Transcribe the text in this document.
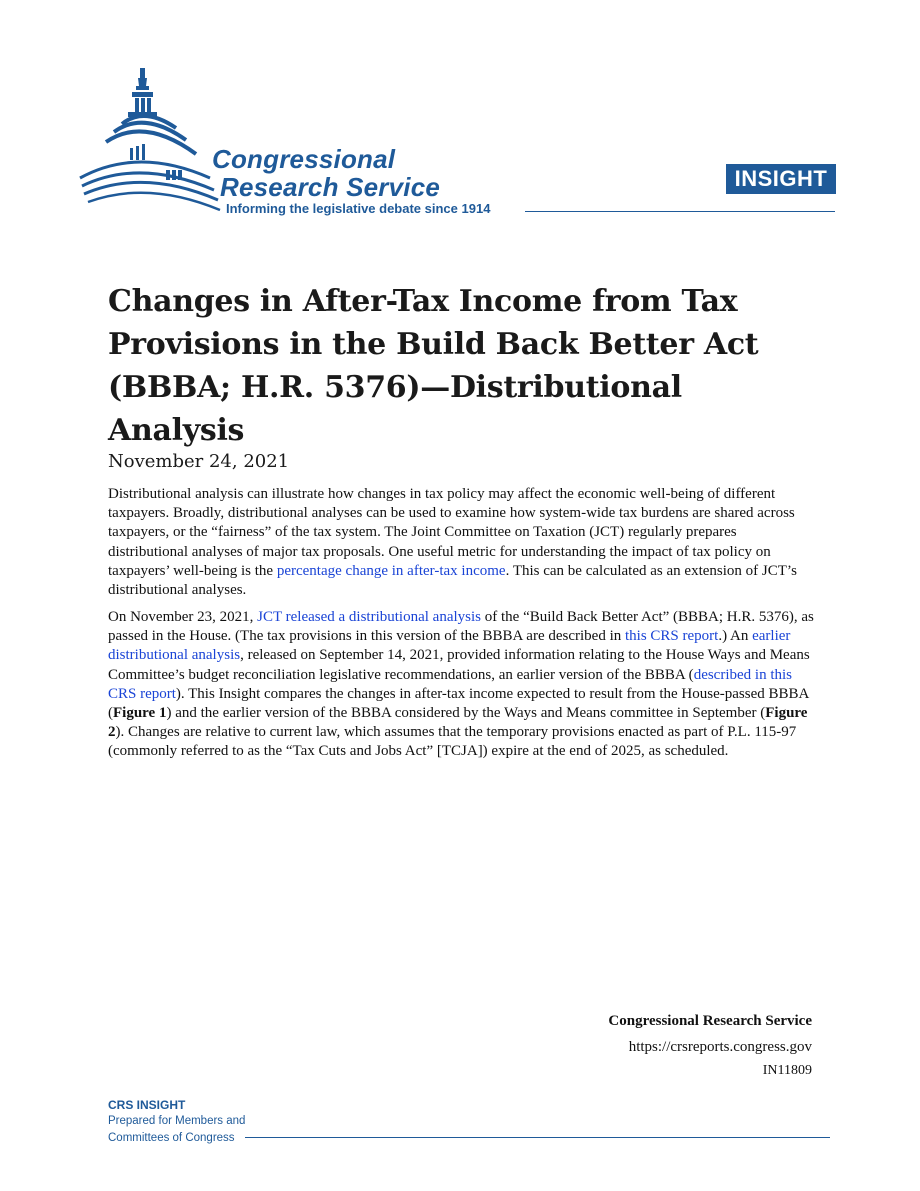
Congressional
Research Service
Informing the legislative debate since 1914
INSIGHT
Changes in After-Tax Income from Tax Provisions in the Build Back Better Act (BBBA; H.R. 5376)—Distributional Analysis
November 24, 2021

Distributional analysis can illustrate how changes in tax policy may affect the economic well-being of different taxpayers. Broadly, distributional analyses can be used to examine how system-wide tax burdens are shared across taxpayers, or the “fairness” of the tax system. The Joint Committee on Taxation (JCT) regularly prepares distributional analyses of major tax proposals. One useful metric for understanding the impact of tax policy on taxpayers’ well-being is the percentage change in after-tax income. This can be calculated as an extension of JCT’s distributional analyses.

On November 23, 2021, JCT released a distributional analysis of the “Build Back Better Act” (BBBA; H.R. 5376), as passed in the House. (The tax provisions in this version of the BBBA are described in this CRS report.) An earlier distributional analysis, released on September 14, 2021, provided information relating to the House Ways and Means Committee’s budget reconciliation legislative recommendations, an earlier version of the BBBA (described in this CRS report). This Insight compares the changes in after-tax income expected to result from the House-passed BBBA (Figure 1) and the earlier version of the BBBA considered by the Ways and Means committee in September (Figure 2). Changes are relative to current law, which assumes that the temporary provisions enacted as part of P.L. 115-97 (commonly referred to as the “Tax Cuts and Jobs Act” [TCJA]) expire at the end of 2025, as scheduled.

Congressional Research Service
https://crsreports.congress.gov
IN11809
CRS INSIGHT
Prepared for Members and
Committees of Congress
